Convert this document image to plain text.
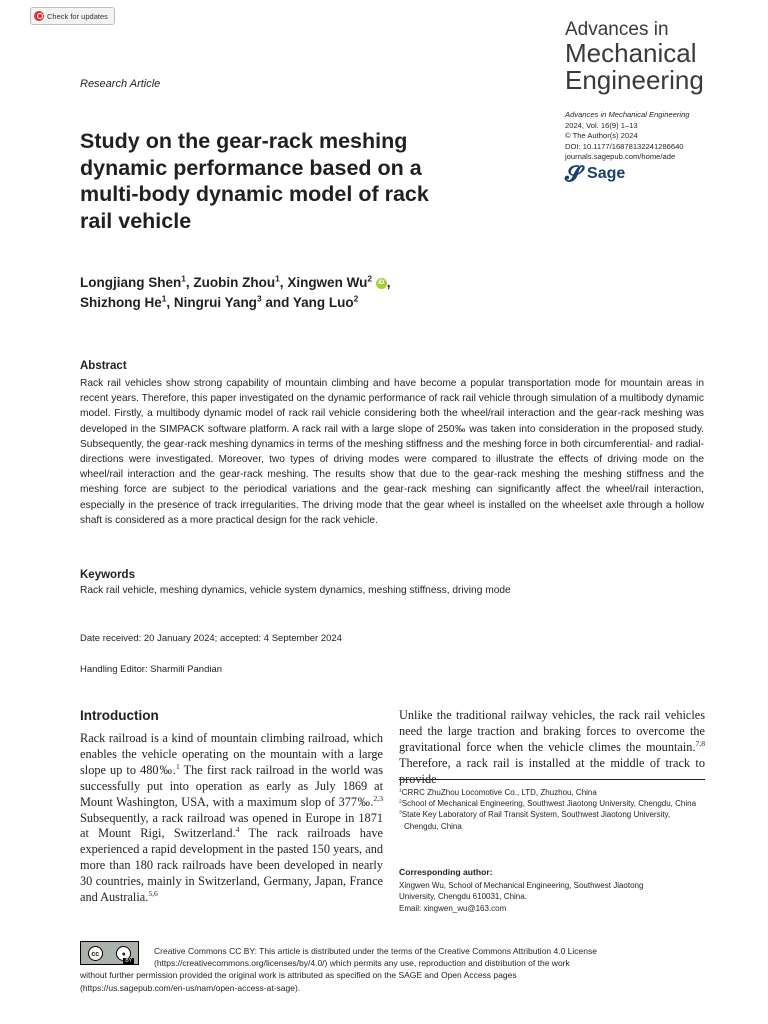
Check for updates
Advances in
Mechanical
Engineering
Research Article
Advances in Mechanical Engineering
2024, Vol. 16(9) 1–13
© The Author(s) 2024
DOI: 10.1177/16878132241286640
journals.sagepub.com/home/ade
𝓢 Sage
Study on the gear-rack meshing dynamic performance based on a multi-body dynamic model of rack rail vehicle
Longjiang Shen$^1$, Zuobin Zhou$^1$, Xingwen Wu$^2$ iD ,
Shizhong He$^1$, Ningrui Yang$^3$ and Yang Luo$^2$
Abstract
Rack rail vehicles show strong capability of mountain climbing and have become a popular transportation mode for mountain areas in recent years. Therefore, this paper investigated on the dynamic performance of rack rail vehicle through simulation of a multibody dynamic model. Firstly, a multibody dynamic model of rack rail vehicle considering both the wheel/rail interaction and the gear-rack meshing was developed in the SIMPACK software platform. A rack rail with a large slope of 250‰ was taken into consideration in the proposed study. Subsequently, the gear-rack meshing dynamics in terms of the meshing stiffness and the meshing force in both circumferential- and radial- directions were investigated. Moreover, two types of driving modes were compared to illustrate the effects of driving mode on the wheel/rail interaction and the gear-rack meshing. The results show that due to the gear-rack meshing the meshing stiffness and the meshing force are subject to the periodical variations and the gear-rack meshing can significantly affect the wheel/rail interaction, especially in the presence of track irregularities. The driving mode that the gear wheel is installed on the wheelset axle through a hollow shaft is considered as a more practical design for the rack vehicle.
Keywords
Rack rail vehicle, meshing dynamics, vehicle system dynamics, meshing stiffness, driving mode
Date received: 20 January 2024; accepted: 4 September 2024
Handling Editor: Sharmili Pandian
Introduction
Rack railroad is a kind of mountain climbing railroad, which enables the vehicle operating on the mountain with a large slope up to 480‰.$^1$ The first rack railroad in the world was successfully put into operation as early as July 1869 at Mount Washington, USA, with a maximum slop of 377‰.$^{2,3}$ Subsequently, a rack railroad was opened in Europe in 1871 at Mount Rigi, Switzerland.$^4$ The rack railroads have experienced a rapid development in the pasted 150 years, and more than 180 rack railroads have been developed in nearly 30 countries, mainly in Switzerland, Germany, Japan, France and Australia.$^{5,6}$
Unlike the traditional railway vehicles, the rack rail vehicles need the large traction and braking forces to overcome the gravitational force when the vehicle climes the mountain.$^{7,8}$ Therefore, a rack rail is installed at the middle of track to provide
$^1$CRRC ZhuZhou Locomotive Co., LTD, Zhuzhou, China
$^2$School of Mechanical Engineering, Southwest Jiaotong University, Chengdu, China
$^3$State Key Laboratory of Rail Transit System, Southwest Jiaotong University, Chengdu, China
Corresponding author:
Xingwen Wu, School of Mechanical Engineering, Southwest Jiaotong
University, Chengdu 610031, China.
Email: xingwen_wu@163.com
cc	●
BY
Creative Commons CC BY: This article is distributed under the terms of the Creative Commons Attribution 4.0 License
(https://creativecommons.org/licenses/by/4.0/) which permits any use, reproduction and distribution of the work
without further permission provided the original work is attributed as specified on the SAGE and Open Access pages
(https://us.sagepub.com/en-us/nam/open-access-at-sage).
